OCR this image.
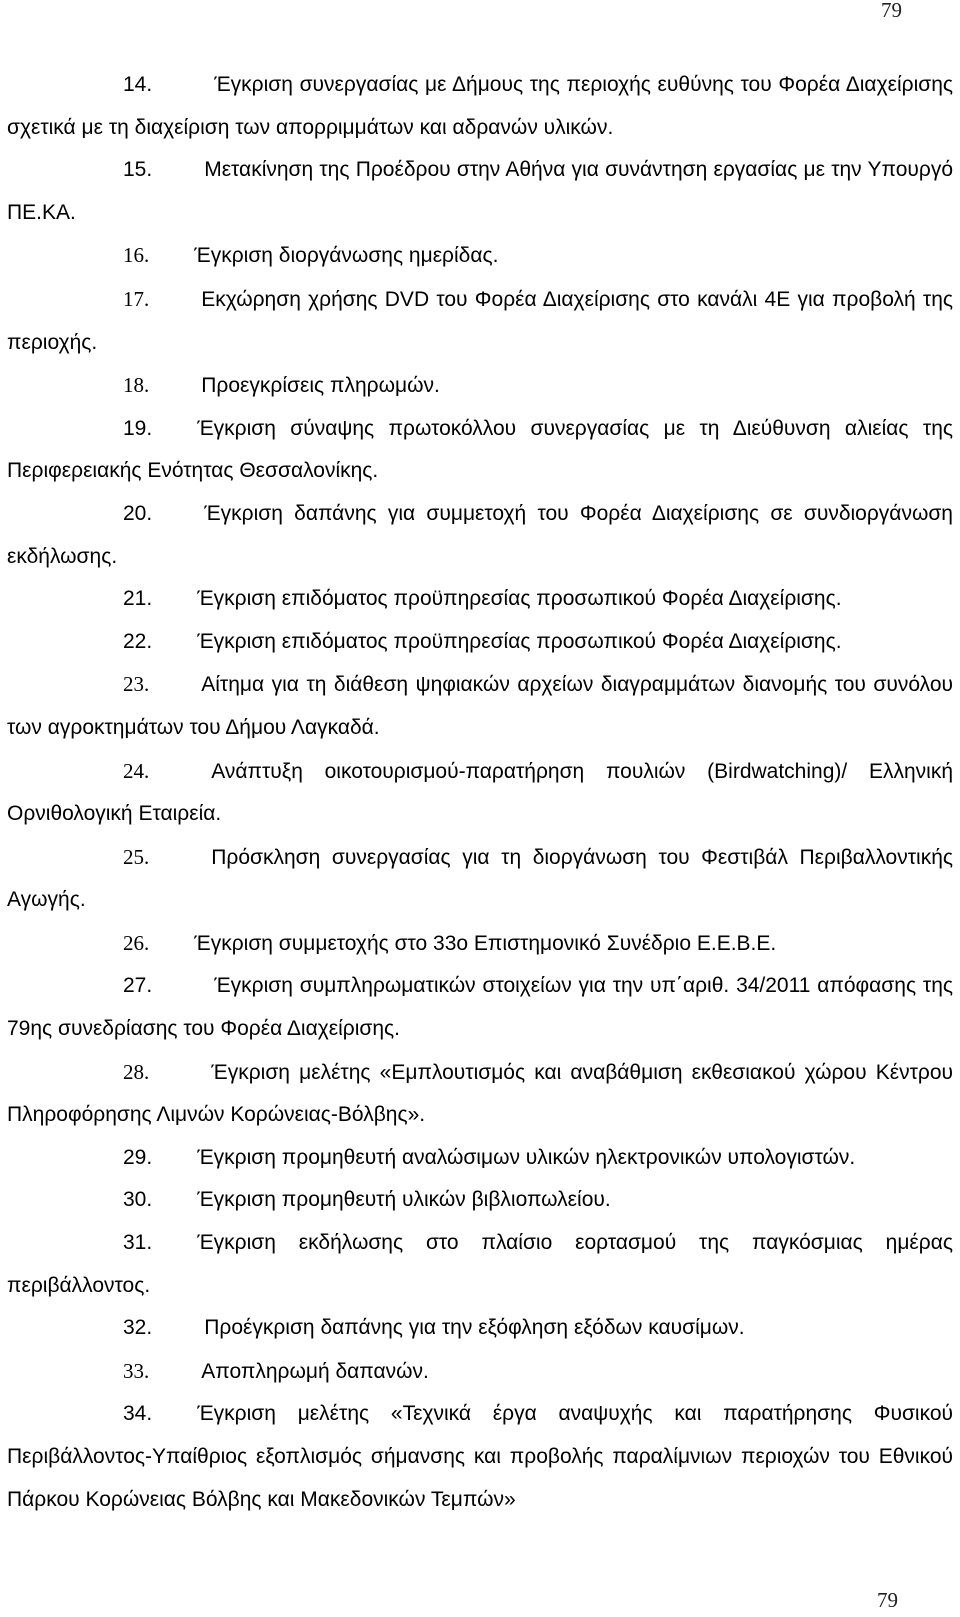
79
14.	Έγκριση συνεργασίας με Δήμους της περιοχής ευθύνης του Φορέα Διαχείρισης σχετικά με τη διαχείριση των απορριμμάτων και αδρανών υλικών.
15. Μετακίνηση της Προέδρου στην Αθήνα για συνάντηση εργασίας με την Υπουργό ΠΕ.ΚΑ.
16. Έγκριση διοργάνωσης ημερίδας.
17. Εκχώρηση χρήσης DVD του Φορέα Διαχείρισης στο κανάλι 4Ε για προβολή της περιοχής.
18. Προεγκρίσεις πληρωμών.
19. Έγκριση σύναψης πρωτοκόλλου συνεργασίας με τη Διεύθυνση αλιείας της Περιφερειακής Ενότητας Θεσσαλονίκης.
20. Έγκριση δαπάνης για συμμετοχή του Φορέα Διαχείρισης σε συνδιοργάνωση εκδήλωσης.
21. Έγκριση επιδόματος προϋπηρεσίας προσωπικού Φορέα Διαχείρισης.
22. Έγκριση επιδόματος προϋπηρεσίας προσωπικού Φορέα Διαχείρισης.
23. Αίτημα για τη διάθεση ψηφιακών αρχείων διαγραμμάτων διανομής του συνόλου των αγροκτημάτων του Δήμου Λαγκαδά.
24.	Ανάπτυξη οικοτουρισμού-παρατήρηση πουλιών (Birdwatching)/ Ελληνική Ορνιθολογική Εταιρεία.
25.	Πρόσκληση συνεργασίας για τη διοργάνωση του Φεστιβάλ Περιβαλλοντικής Αγωγής.
26. Έγκριση συμμετοχής στο 33ο Επιστημονικό Συνέδριο Ε.Ε.Β.Ε.
27.	Έγκριση συμπληρωματικών στοιχείων για την υπ΄αριθ. 34/2011 απόφασης της 79ης συνεδρίασης του Φορέα Διαχείρισης.
28.	Έγκριση μελέτης «Εμπλουτισμός και αναβάθμιση εκθεσιακού χώρου Κέντρου Πληροφόρησης Λιμνών Κορώνειας-Βόλβης».
29. Έγκριση προμηθευτή αναλώσιμων υλικών ηλεκτρονικών υπολογιστών.
30. Έγκριση προμηθευτή υλικών βιβλιοπωλείου.
31. Έγκριση εκδήλωσης στο πλαίσιο εορτασμού της παγκόσμιας ημέρας περιβάλλοντος.
32. Προέγκριση δαπάνης για την εξόφληση εξόδων καυσίμων.
33. Αποπληρωμή δαπανών.
34. Έγκριση μελέτης «Τεχνικά έργα αναψυχής και παρατήρησης Φυσικού Περιβάλλοντος-Υπαίθριος εξοπλισμός σήμανσης και προβολής παραλίμνιων περιοχών του Εθνικού Πάρκου Κορώνειας Βόλβης και Μακεδονικών Τεμπών»
79
